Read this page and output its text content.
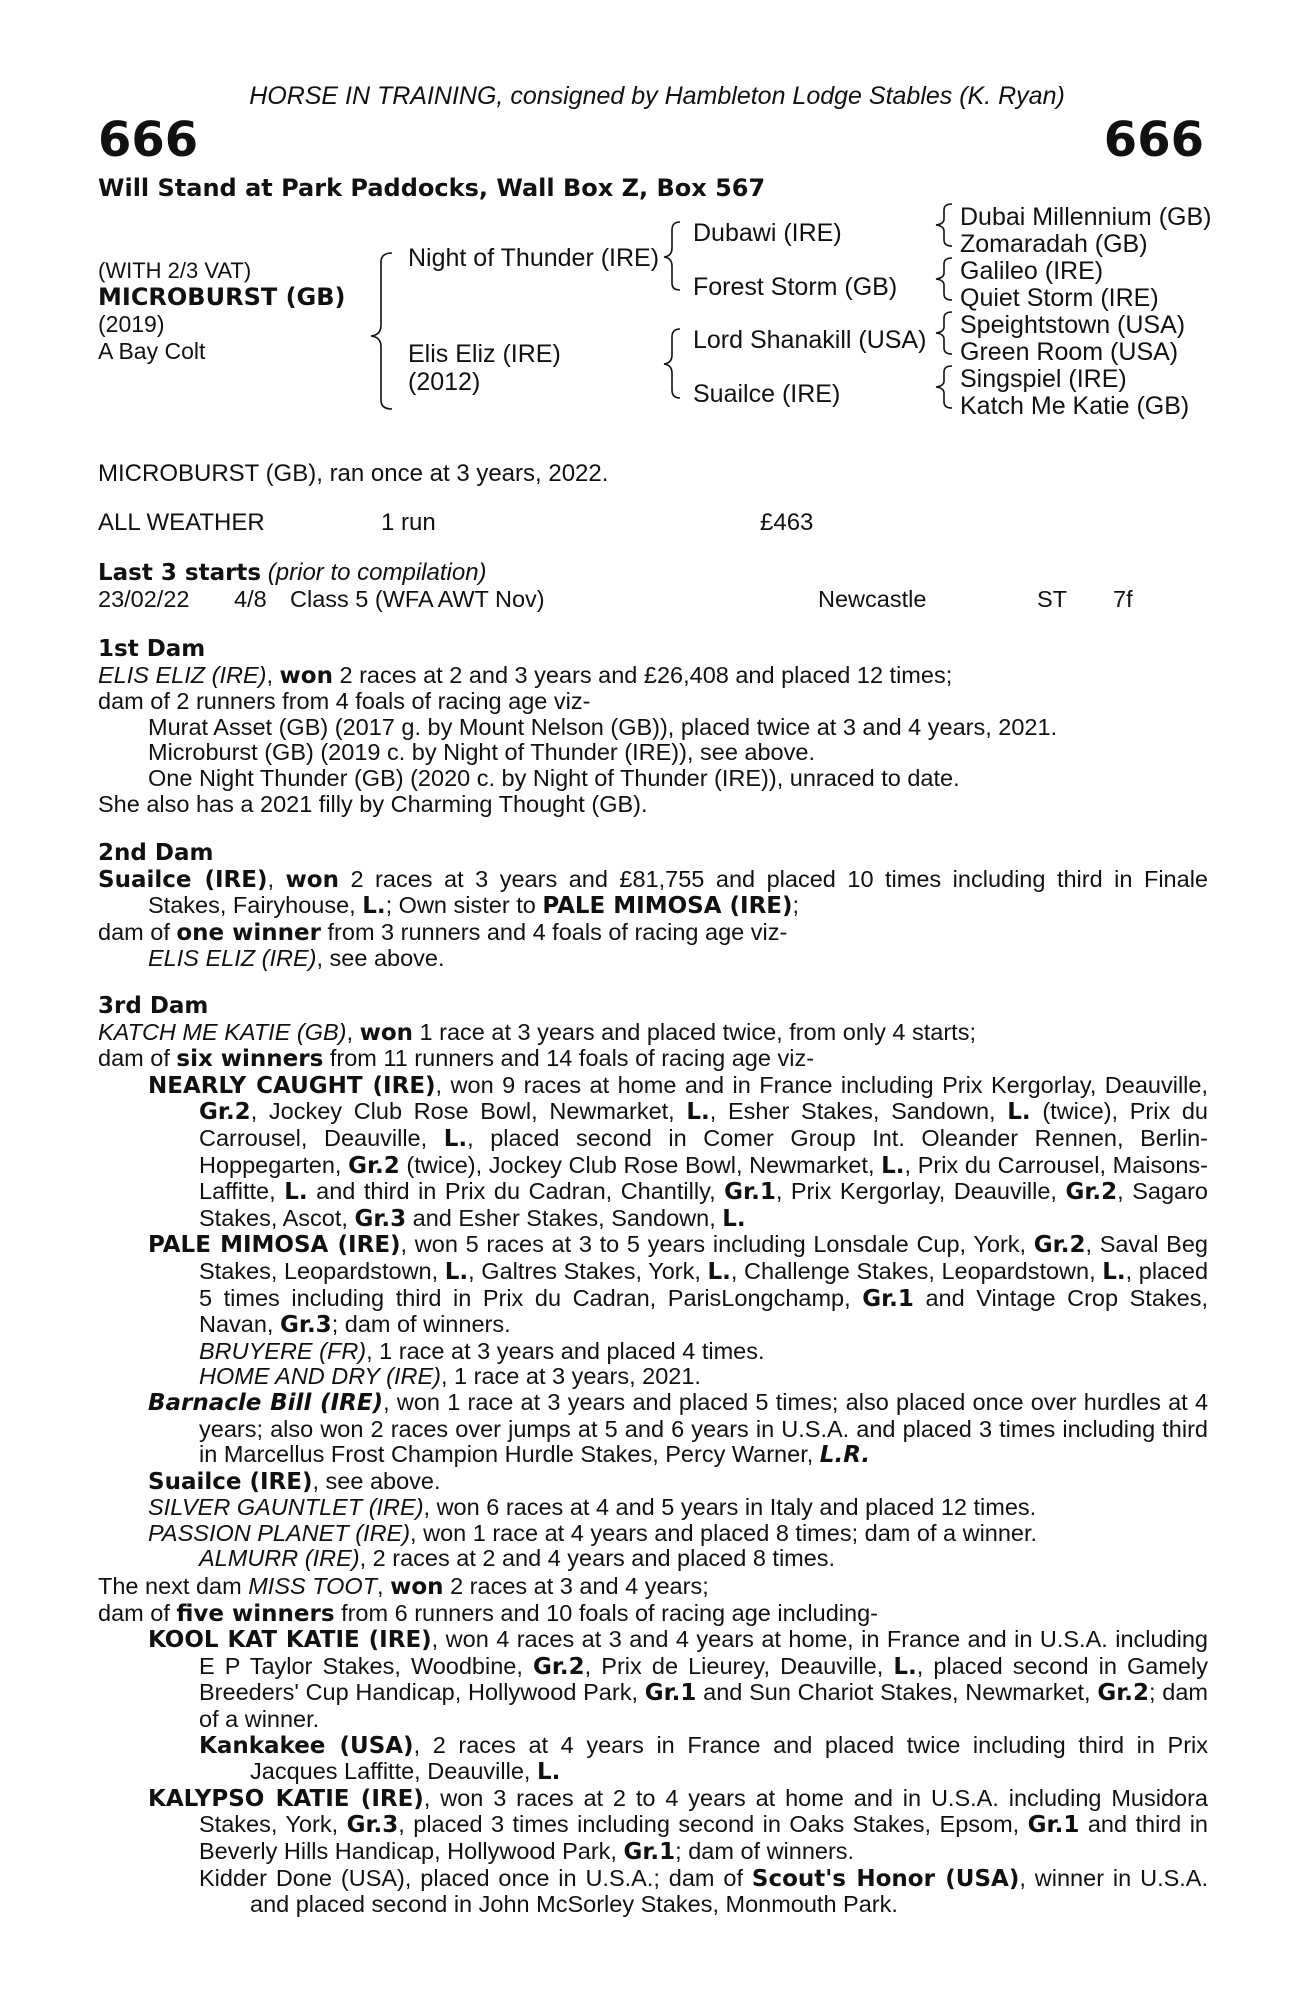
HORSE IN TRAINING, consigned by Hambleton Lodge Stables (K. Ryan)
666	666
Will Stand at Park Paddocks, Wall Box Z, Box 567
(WITH 2/3 VAT)
MICROBURST (GB)
(2019)
A Bay Colt
Night of Thunder (IRE)
Elis Eliz (IRE)
(2012)
Dubawi (IRE)
Forest Storm (GB)
Lord Shanakill (USA)
Suailce (IRE)
Dubai Millennium (GB)
Zomaradah (GB)
Galileo (IRE)
Quiet Storm (IRE)
Speightstown (USA)
Green Room (USA)
Singspiel (IRE)
Katch Me Katie (GB)
MICROBURST (GB), ran once at 3 years, 2022.
ALL WEATHER	1 run	£463
Last 3 starts (prior to compilation)
23/02/22 4/8 Class 5 (WFA AWT Nov)	Newcastle	ST 7f

1st Dam

ELIS ELIZ (IRE), won 2 races at 2 and 3 years and £26,408 and placed 12 times;

dam of 2 runners from 4 foals of racing age viz-

Murat Asset (GB) (2017 g. by Mount Nelson (GB)), placed twice at 3 and 4 years, 2021.

Microburst (GB) (2019 c. by Night of Thunder (IRE)), see above.

One Night Thunder (GB) (2020 c. by Night of Thunder (IRE)), unraced to date.

She also has a 2021 filly by Charming Thought (GB).

2nd Dam

Suailce (IRE), won 2 races at 3 years and £81,755 and placed 10 times including third in Finale Stakes, Fairyhouse, L.; Own sister to PALE MIMOSA (IRE);

dam of one winner from 3 runners and 4 foals of racing age viz-

ELIS ELIZ (IRE), see above.

3rd Dam

KATCH ME KATIE (GB), won 1 race at 3 years and placed twice, from only 4 starts;

dam of six winners from 11 runners and 14 foals of racing age viz-

NEARLY CAUGHT (IRE), won 9 races at home and in France including Prix Kergorlay, Deauville, Gr.2, Jockey Club Rose Bowl, Newmarket, L., Esher Stakes, Sandown, L. (twice), Prix du Carrousel, Deauville, L., placed second in Comer Group Int. Oleander Rennen, Berlin-Hoppegarten, Gr.2 (twice), Jockey Club Rose Bowl, Newmarket, L., Prix du Carrousel, Maisons-Laffitte, L. and third in Prix du Cadran, Chantilly, Gr.1, Prix Kergorlay, Deauville, Gr.2, Sagaro Stakes, Ascot, Gr.3 and Esher Stakes, Sandown, L.

PALE MIMOSA (IRE), won 5 races at 3 to 5 years including Lonsdale Cup, York, Gr.2, Saval Beg Stakes, Leopardstown, L., Galtres Stakes, York, L., Challenge Stakes, Leopardstown, L., placed 5 times including third in Prix du Cadran, ParisLongchamp, Gr.1 and Vintage Crop Stakes, Navan, Gr.3; dam of winners.

BRUYERE (FR), 1 race at 3 years and placed 4 times.

HOME AND DRY (IRE), 1 race at 3 years, 2021.

Barnacle Bill (IRE), won 1 race at 3 years and placed 5 times; also placed once over hurdles at 4 years; also won 2 races over jumps at 5 and 6 years in U.S.A. and placed 3 times including third in Marcellus Frost Champion Hurdle Stakes, Percy Warner, L.R.

Suailce (IRE), see above.

SILVER GAUNTLET (IRE), won 6 races at 4 and 5 years in Italy and placed 12 times.

PASSION PLANET (IRE), won 1 race at 4 years and placed 8 times; dam of a winner.

ALMURR (IRE), 2 races at 2 and 4 years and placed 8 times.

The next dam MISS TOOT, won 2 races at 3 and 4 years;

dam of five winners from 6 runners and 10 foals of racing age including-

KOOL KAT KATIE (IRE), won 4 races at 3 and 4 years at home, in France and in U.S.A. including E P Taylor Stakes, Woodbine, Gr.2, Prix de Lieurey, Deauville, L., placed second in Gamely Breeders' Cup Handicap, Hollywood Park, Gr.1 and Sun Chariot Stakes, Newmarket, Gr.2; dam of a winner.

Kankakee (USA), 2 races at 4 years in France and placed twice including third in Prix Jacques Laffitte, Deauville, L.

KALYPSO KATIE (IRE), won 3 races at 2 to 4 years at home and in U.S.A. including Musidora Stakes, York, Gr.3, placed 3 times including second in Oaks Stakes, Epsom, Gr.1 and third in Beverly Hills Handicap, Hollywood Park, Gr.1; dam of winners.

Kidder Done (USA), placed once in U.S.A.; dam of Scout's Honor (USA), winner in U.S.A. and placed second in John McSorley Stakes, Monmouth Park.
